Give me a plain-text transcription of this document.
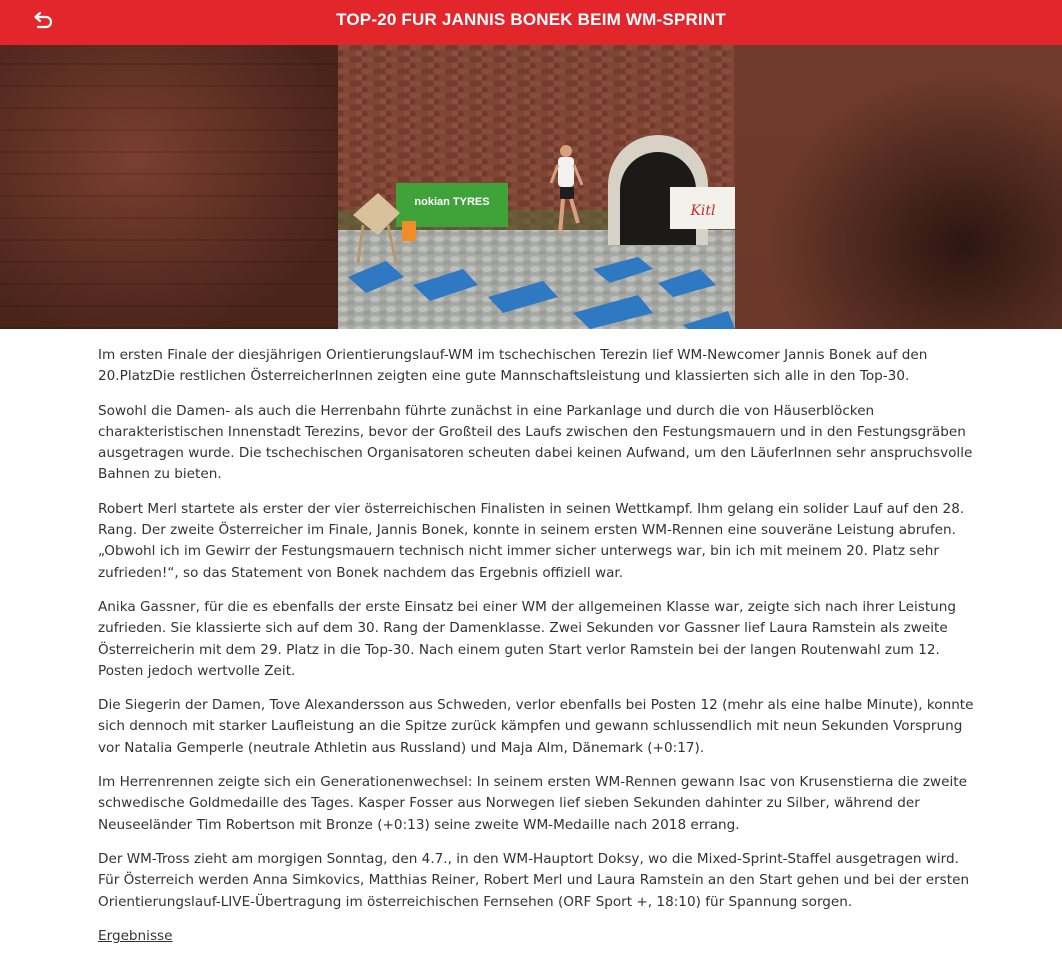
TOP-20 FUR JANNIS BONEK BEIM WM-SPRINT
nokian TYRES
Kitl

Im ersten Finale der diesjährigen Orientierungslauf-WM im tschechischen Terezin lief WM-Newcomer Jannis Bonek auf den 20.PlatzDie restlichen ÖsterreicherInnen zeigten eine gute Mannschaftsleistung und klassierten sich alle in den Top-30.

Sowohl die Damen- als auch die Herrenbahn führte zunächst in eine Parkanlage und durch die von Häuserblöcken charakteristischen Innenstadt Terezins, bevor der Großteil des Laufs zwischen den Festungsmauern und in den Festungsgräben ausgetragen wurde. Die tschechischen Organisatoren scheuten dabei keinen Aufwand, um den LäuferInnen sehr anspruchsvolle Bahnen zu bieten.

Robert Merl startete als erster der vier österreichischen Finalisten in seinen Wettkampf. Ihm gelang ein solider Lauf auf den 28. Rang. Der zweite Österreicher im Finale, Jannis Bonek, konnte in seinem ersten WM-Rennen eine souveräne Leistung abrufen. „Obwohl ich im Gewirr der Festungsmauern technisch nicht immer sicher unterwegs war, bin ich mit meinem 20. Platz sehr zufrieden!“, so das Statement von Bonek nachdem das Ergebnis offiziell war.

Anika Gassner, für die es ebenfalls der erste Einsatz bei einer WM der allgemeinen Klasse war, zeigte sich nach ihrer Leistung zufrieden. Sie klassierte sich auf dem 30. Rang der Damenklasse. Zwei Sekunden vor Gassner lief Laura Ramstein als zweite Österreicherin mit dem 29. Platz in die Top-30. Nach einem guten Start verlor Ramstein bei der langen Routenwahl zum 12. Posten jedoch wertvolle Zeit.

Die Siegerin der Damen, Tove Alexandersson aus Schweden, verlor ebenfalls bei Posten 12 (mehr als eine halbe Minute), konnte sich dennoch mit starker Laufleistung an die Spitze zurück kämpfen und gewann schlussendlich mit neun Sekunden Vorsprung vor Natalia Gemperle (neutrale Athletin aus Russland) und Maja Alm, Dänemark (+0:17).

Im Herrenrennen zeigte sich ein Generationenwechsel: In seinem ersten WM-Rennen gewann Isac von Krusenstierna die zweite schwedische Goldmedaille des Tages. Kasper Fosser aus Norwegen lief sieben Sekunden dahinter zu Silber, während der Neuseeländer Tim Robertson mit Bronze (+0:13) seine zweite WM-Medaille nach 2018 errang.

Der WM-Tross zieht am morgigen Sonntag, den 4.7., in den WM-Hauptort Doksy, wo die Mixed-Sprint-Staffel ausgetragen wird. Für Österreich werden Anna Simkovics, Matthias Reiner, Robert Merl und Laura Ramstein an den Start gehen und bei der ersten Orientierungslauf-LIVE-Übertragung im österreichischen Fernsehen (ORF Sport +, 18:10) für Spannung sorgen.

Ergebnisse
